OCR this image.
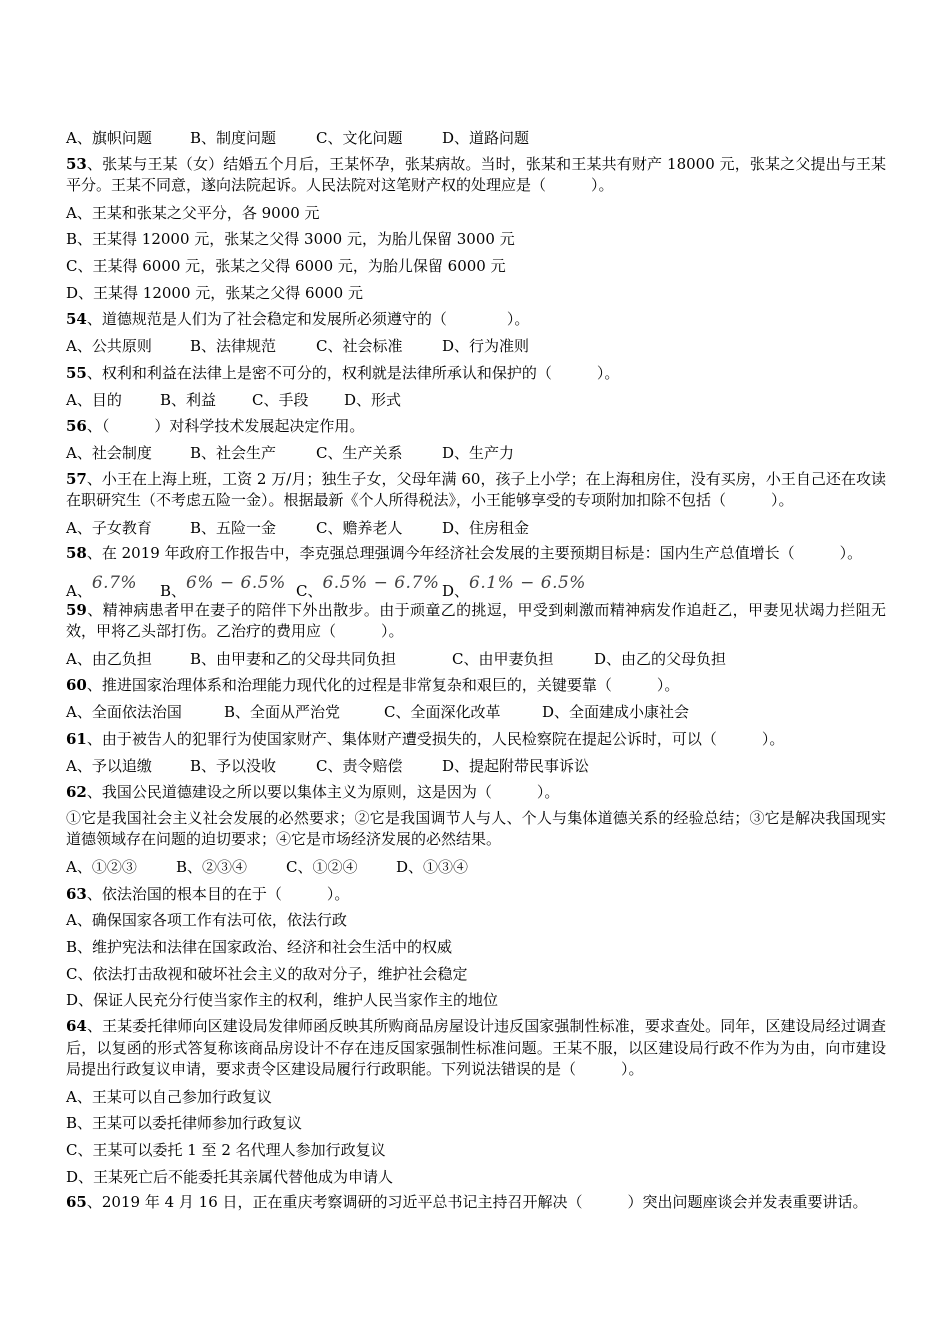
A、旗帜问题	B、制度问题	C、文化问题	D、道路问题
53、张某与王某（女）结婚五个月后，王某怀孕，张某病故。当时，张某和王某共有财产 18000 元，张某之父提出与王某平分。王某不同意，遂向法院起诉。人民法院对这笔财产权的处理应是（　　　）。
A、王某和张某之父平分，各 9000 元
B、王某得 12000 元，张某之父得 3000 元，为胎儿保留 3000 元
C、王某得 6000 元，张某之父得 6000 元，为胎儿保留 6000 元
D、王某得 12000 元，张某之父得 6000 元
54、道德规范是人们为了社会稳定和发展所必须遵守的（　　　　）。
A、公共原则	B、法律规范	C、社会标准	D、行为准则
55、权利和利益在法律上是密不可分的，权利就是法律所承认和保护的（　　　）。
A、目的	B、利益 C、手段 D、形式
56、（　　　）对科学技术发展起决定作用。
A、社会制度	B、社会生产	C、生产关系	D、生产力
57、小王在上海上班，工资 2 万/月；独生子女，父母年满 60，孩子上小学；在上海租房住，没有买房，小王自己还在攻读在职研究生（不考虑五险一金）。根据最新《个人所得税法》，小王能够享受的专项附加扣除不包括（　　　）。
A、子女教育	B、五险一金	C、赡养老人	D、住房租金
58、在 2019 年政府工作报告中，李克强总理强调今年经济社会发展的主要预期目标是：国内生产总值增长（　　　）。
A、6.7% B、6% − 6.5% C、6.5% − 6.7% D、6.1% − 6.5%
59、精神病患者甲在妻子的陪伴下外出散步。由于顽童乙的挑逗，甲受到刺激而精神病发作追赶乙，甲妻见状竭力拦阻无效，甲将乙头部打伤。乙治疗的费用应（　　　）。
A、由乙负担	B、由甲妻和乙的父母共同负担	C、由甲妻负担	D、由乙的父母负担
60、推进国家治理体系和治理能力现代化的过程是非常复杂和艰巨的，关键要靠（　　　）。
A、全面依法治国	B、全面从严治党	C、全面深化改革	D、全面建成小康社会
61、由于被告人的犯罪行为使国家财产、集体财产遭受损失的，人民检察院在提起公诉时，可以（　　　）。
A、予以追缴	B、予以没收	C、责令赔偿	D、提起附带民事诉讼
62、我国公民道德建设之所以要以集体主义为原则，这是因为（　　　）。
①它是我国社会主义社会发展的必然要求；②它是我国调节人与人、个人与集体道德关系的经验总结；③它是解决我国现实道德领域存在问题的迫切要求；④它是市场经济发展的必然结果。
A、①②③	B、②③④	C、①②④	D、①③④
63、依法治国的根本目的在于（　　　）。
A、确保国家各项工作有法可依，依法行政
B、维护宪法和法律在国家政治、经济和社会生活中的权威
C、依法打击敌视和破坏社会主义的敌对分子，维护社会稳定
D、保证人民充分行使当家作主的权利，维护人民当家作主的地位
64、王某委托律师向区建设局发律师函反映其所购商品房屋设计违反国家强制性标准，要求查处。同年，区建设局经过调查后，以复函的形式答复称该商品房设计不存在违反国家强制性标准问题。王某不服，以区建设局行政不作为为由，向市建设局提出行政复议申请，要求责令区建设局履行行政职能。下列说法错误的是（　　　）。
A、王某可以自己参加行政复议
B、王某可以委托律师参加行政复议
C、王某可以委托 1 至 2 名代理人参加行政复议
D、王某死亡后不能委托其亲属代替他成为申请人
65、2019 年 4 月 16 日，正在重庆考察调研的习近平总书记主持召开解决（　　　）突出问题座谈会并发表重要讲话。
